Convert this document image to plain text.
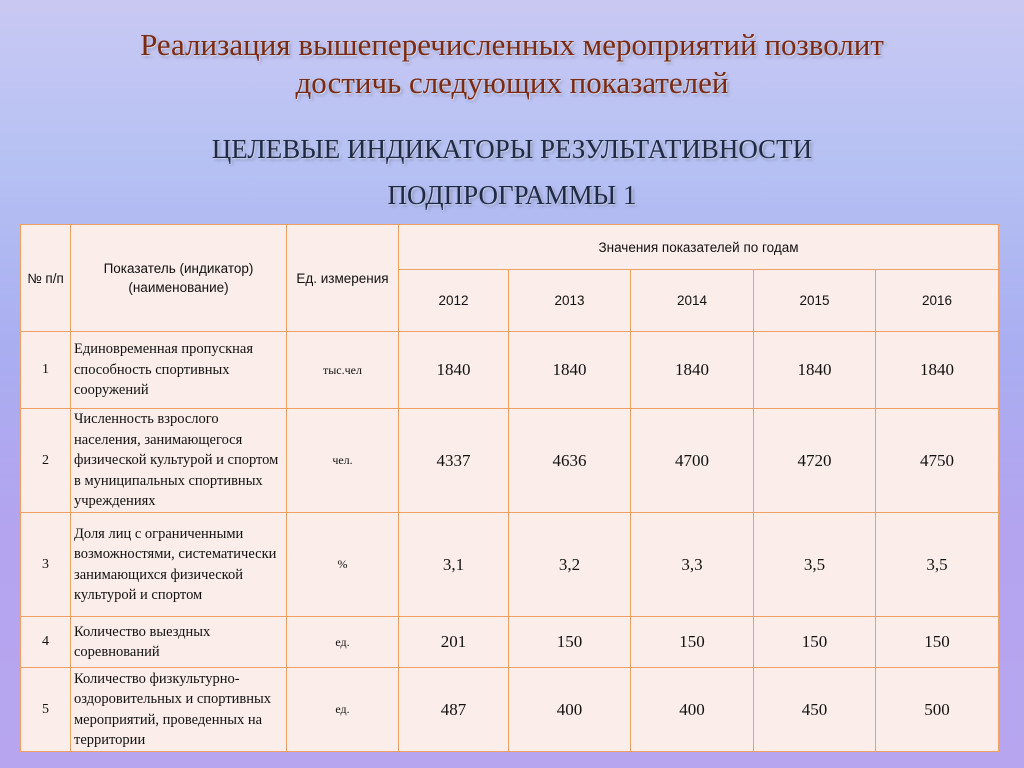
Реализация вышеперечисленных мероприятий позволит
достичь следующих показателей
ЦЕЛЕВЫЕ ИНДИКАТОРЫ РЕЗУЛЬТАТИВНОСТИ
ПОДПРОГРАММЫ 1
№ п/п	Показатель (индикатор) (наименование)	Ед. измерения	Значения показателей по годам				
			2012	2013	2014	2015	2016
1	Единовременная пропускная способность спортивных сооружений	тыс.чел	1840	1840	1840	1840	1840
2	Численность взрослого населения, занимающегося физической культурой и спортом в муниципальных спортивных учреждениях	чел.	4337	4636	4700	4720	4750
3	Доля лиц с ограниченными возможностями, систематически занимающихся физической культурой и спортом	%	3,1	3,2	3,3	3,5	3,5
4	Количество выездных соревнований	ед.	201	150	150	150	150
5	Количество физкультурно-оздоровительных и спортивных мероприятий, проведенных на территории	ед.	487	400	400	450	500
